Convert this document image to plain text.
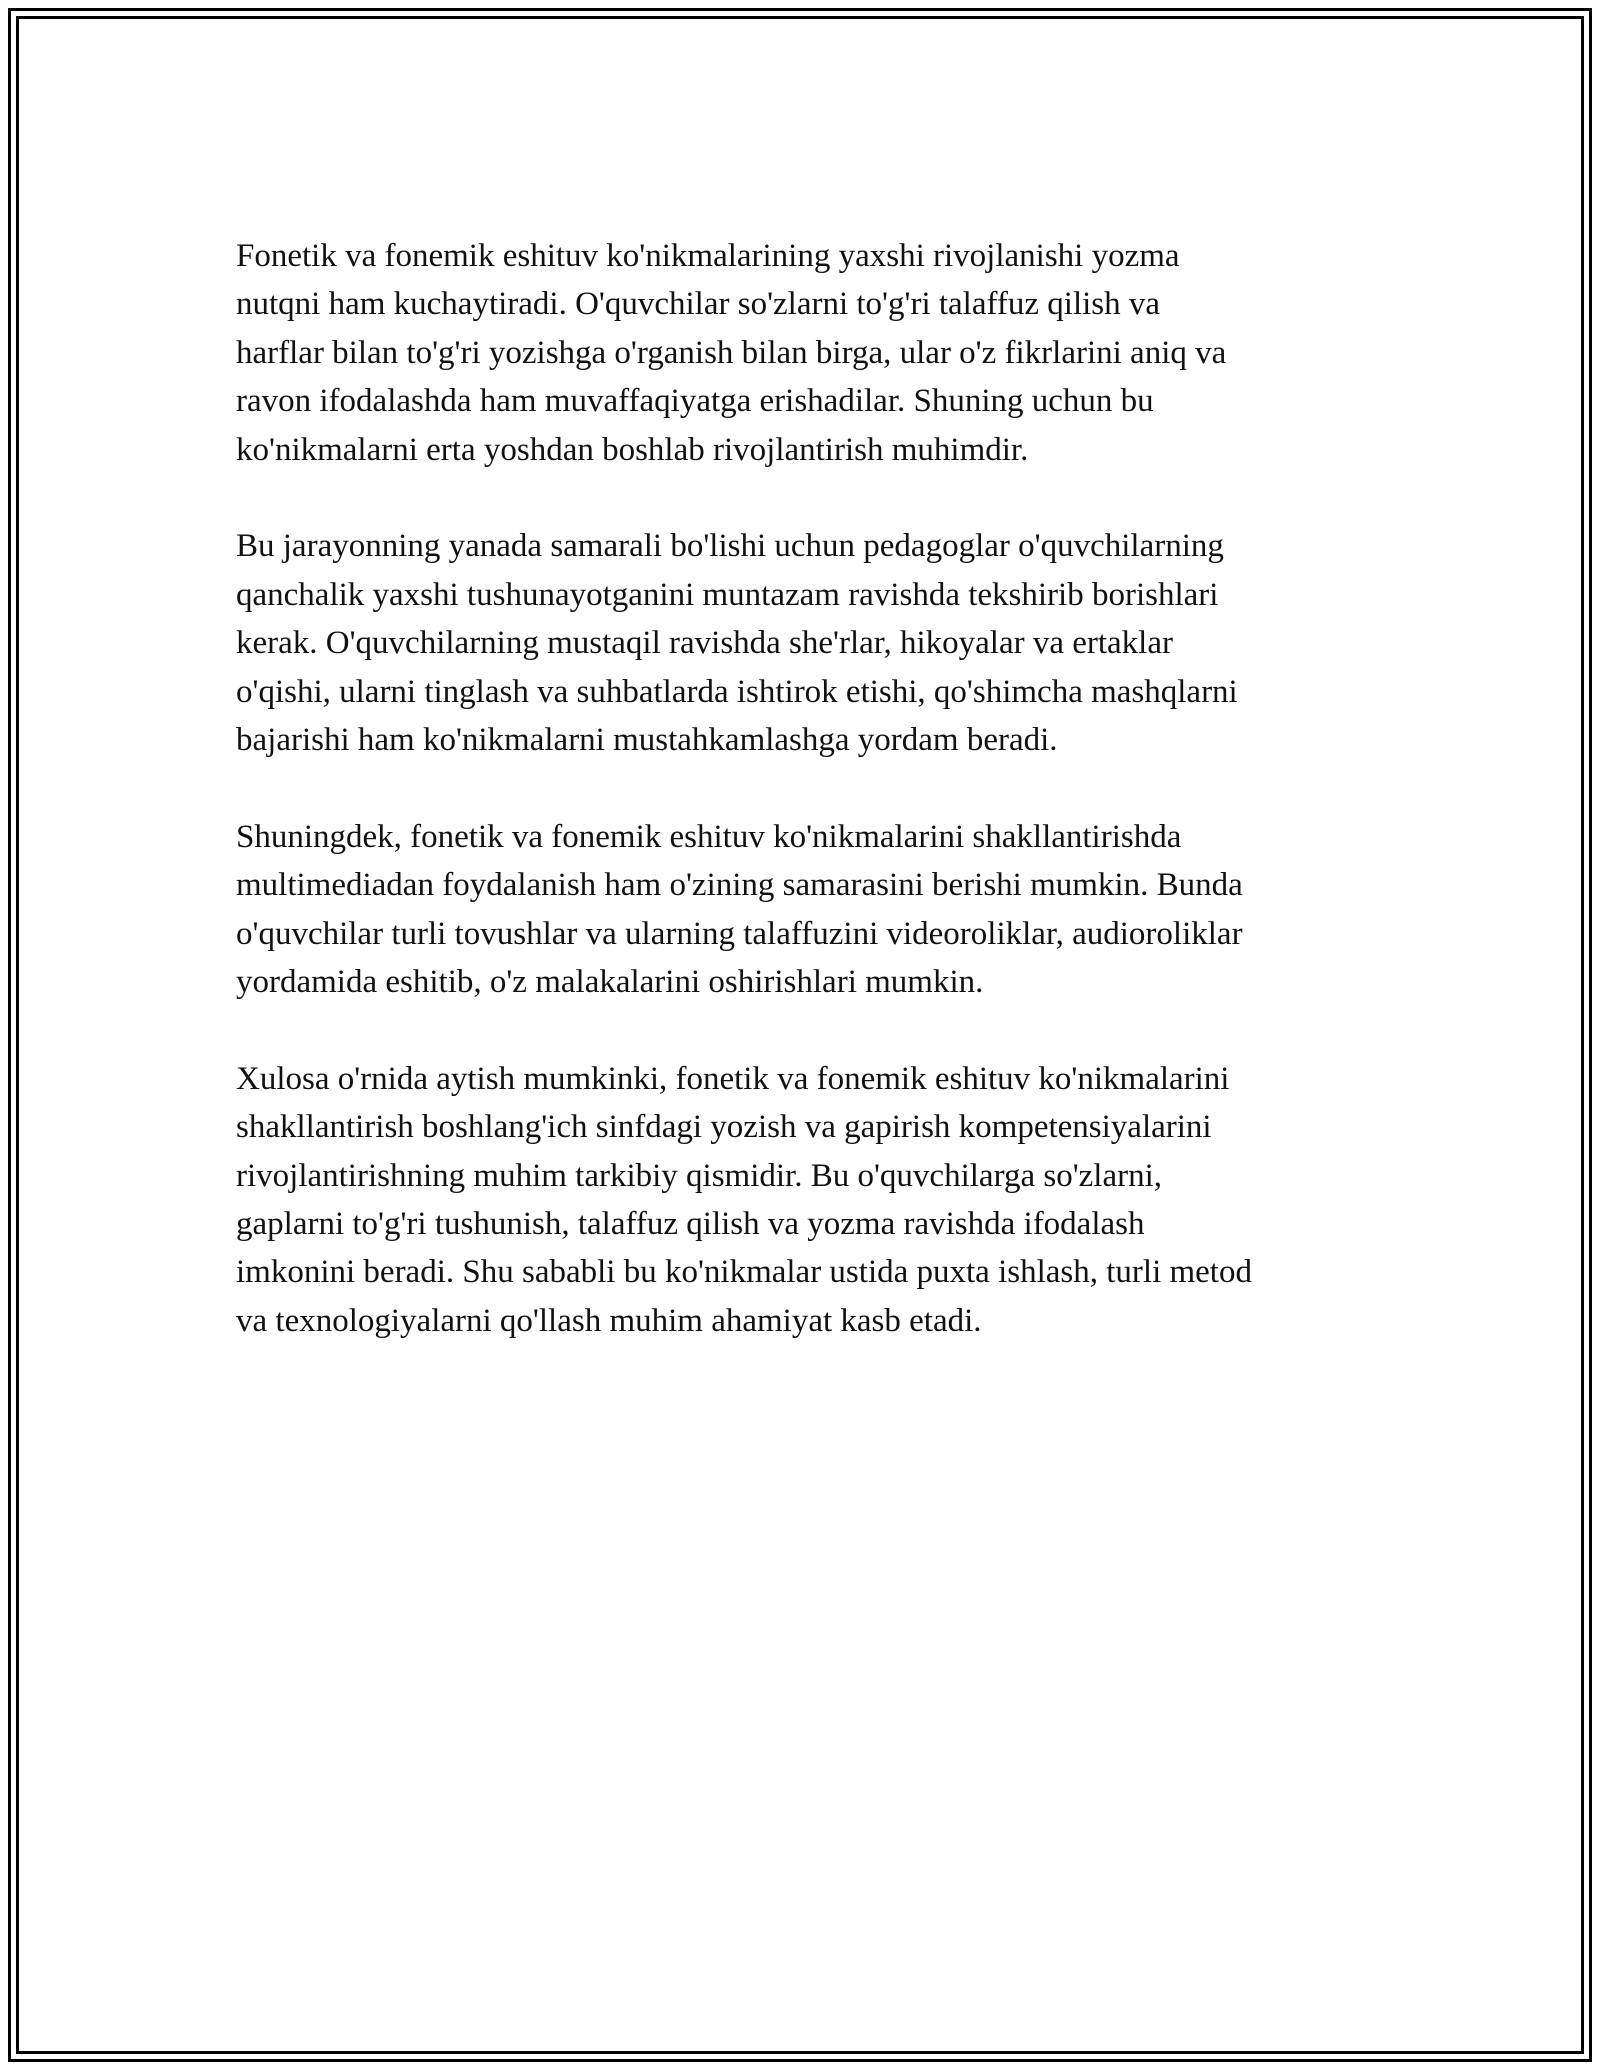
Fonetik va fonemik eshituv ko'nikmalarining yaxshi rivojlanishi yozma
nutqni ham kuchaytiradi. O'quvchilar so'zlarni to'g'ri talaffuz qilish va
harflar bilan to'g'ri yozishga o'rganish bilan birga, ular o'z fikrlarini aniq va
ravon ifodalashda ham muvaffaqiyatga erishadilar. Shuning uchun bu
ko'nikmalarni erta yoshdan boshlab rivojlantirish muhimdir.

Bu jarayonning yanada samarali bo'lishi uchun pedagoglar o'quvchilarning
qanchalik yaxshi tushunayotganini muntazam ravishda tekshirib borishlari
kerak. O'quvchilarning mustaqil ravishda she'rlar, hikoyalar va ertaklar
o'qishi, ularni tinglash va suhbatlarda ishtirok etishi, qo'shimcha mashqlarni
bajarishi ham ko'nikmalarni mustahkamlashga yordam beradi.

Shuningdek, fonetik va fonemik eshituv ko'nikmalarini shakllantirishda
multimediadan foydalanish ham o'zining samarasini berishi mumkin. Bunda
o'quvchilar turli tovushlar va ularning talaffuzini videoroliklar, audioroliklar
yordamida eshitib, o'z malakalarini oshirishlari mumkin.

Xulosa o'rnida aytish mumkinki, fonetik va fonemik eshituv ko'nikmalarini
shakllantirish boshlang'ich sinfdagi yozish va gapirish kompetensiyalarini
rivojlantirishning muhim tarkibiy qismidir. Bu o'quvchilarga so'zlarni,
gaplarni to'g'ri tushunish, talaffuz qilish va yozma ravishda ifodalash
imkonini beradi. Shu sababli bu ko'nikmalar ustida puxta ishlash, turli metod
va texnologiyalarni qo'llash muhim ahamiyat kasb etadi.
